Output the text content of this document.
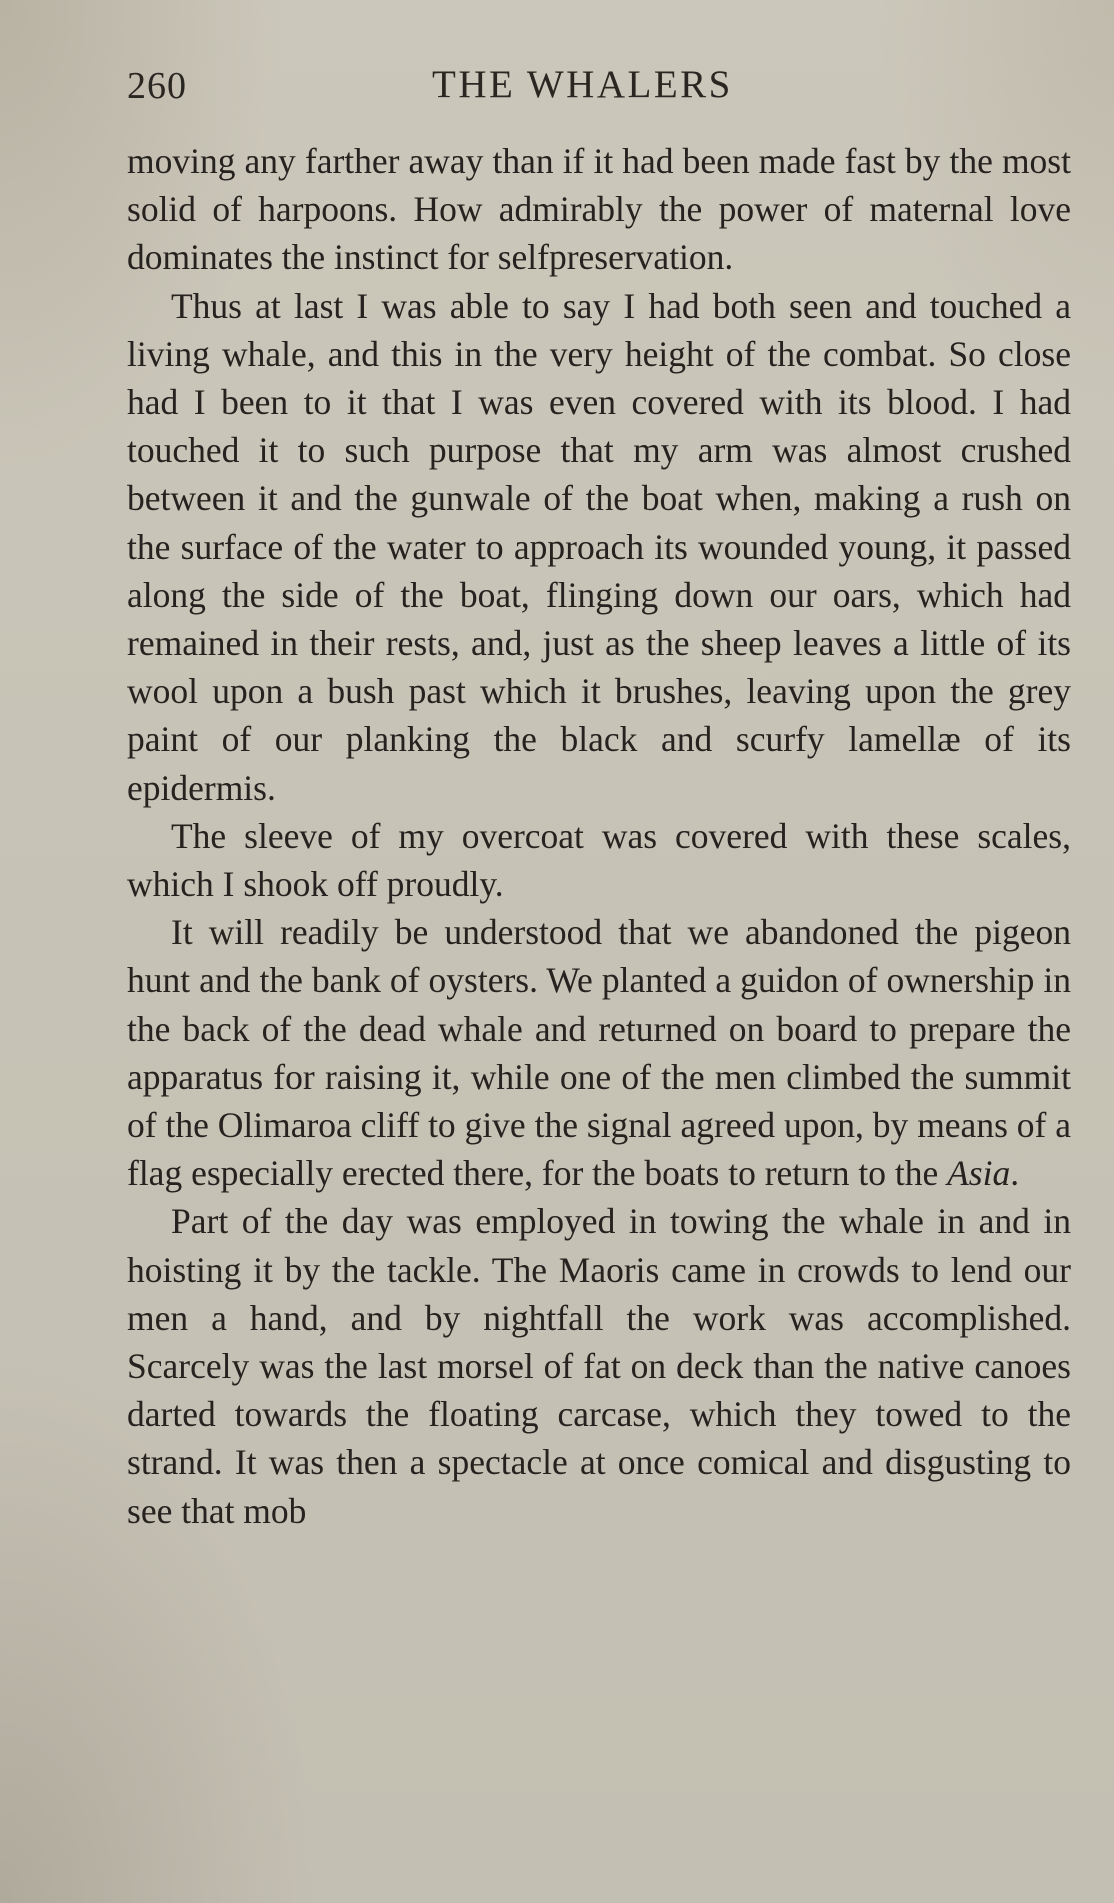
260	THE WHALERS

moving any farther away than if it had been made fast by the most solid of harpoons. How admirably the power of maternal love dominates the instinct for selfpreservation.

Thus at last I was able to say I had both seen and touched a living whale, and this in the very height of the combat. So close had I been to it that I was even covered with its blood. I had touched it to such purpose that my arm was almost crushed between it and the gunwale of the boat when, making a rush on the surface of the water to approach its wounded young, it passed along the side of the boat, flinging down our oars, which had remained in their rests, and, just as the sheep leaves a little of its wool upon a bush past which it brushes, leaving upon the grey paint of our planking the black and scurfy lamellæ of its epidermis.

The sleeve of my overcoat was covered with these scales, which I shook off proudly.

It will readily be understood that we abandoned the pigeon hunt and the bank of oysters. We planted a guidon of ownership in the back of the dead whale and returned on board to prepare the apparatus for raising it, while one of the men climbed the summit of the Olimaroa cliff to give the signal agreed upon, by means of a flag especially erected there, for the boats to return to the Asia.

Part of the day was employed in towing the whale in and in hoisting it by the tackle. The Maoris came in crowds to lend our men a hand, and by nightfall the work was accomplished. Scarcely was the last morsel of fat on deck than the native canoes darted towards the floating carcase, which they towed to the strand. It was then a spectacle at once comical and disgusting to see that mob
